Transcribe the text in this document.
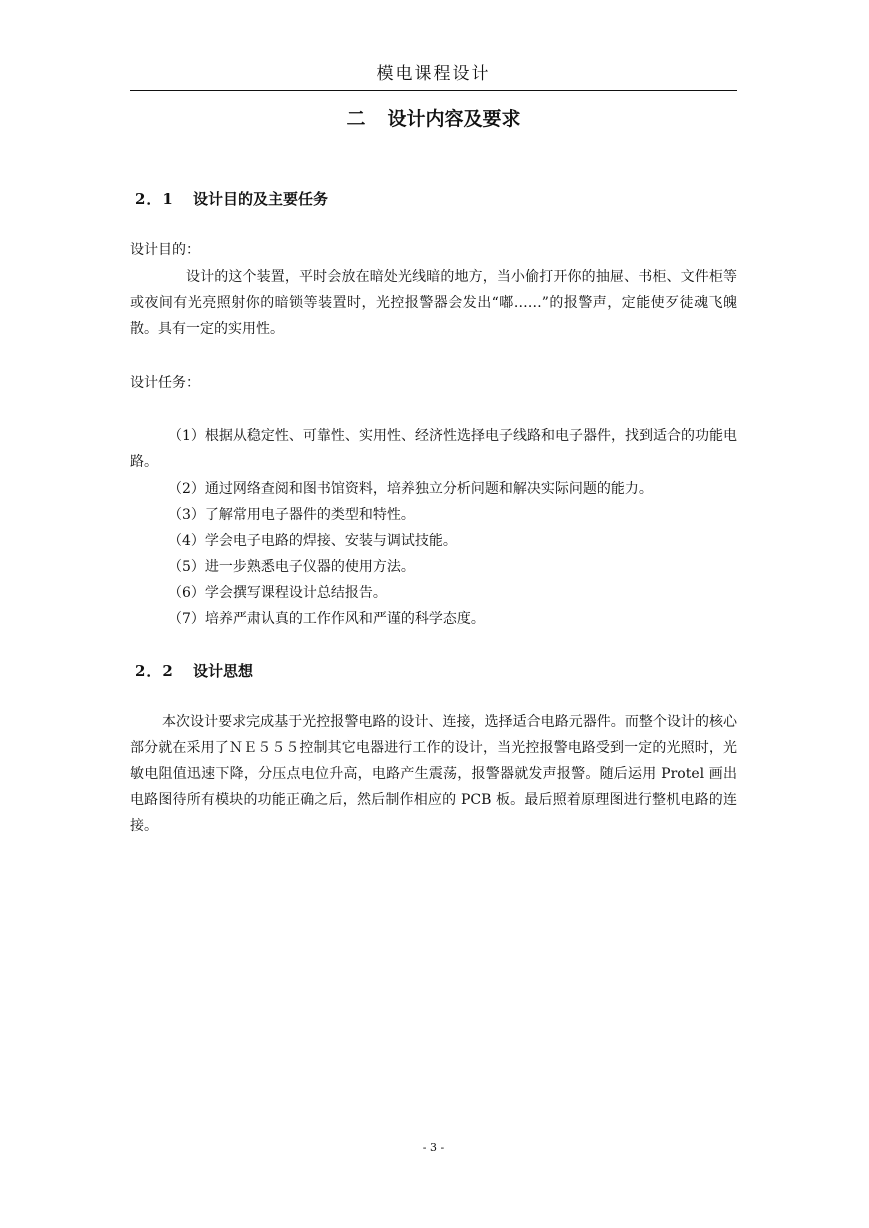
模电课程设计
二 设计内容及要求
2．1 设计目的及主要任务
设计目的：
设计的这个装置，平时会放在暗处光线暗的地方，当小偷打开你的抽屉、书柜、文件柜等或夜间有光亮照射你的暗锁等装置时，光控报警器会发出“嘟……”的报警声，定能使歹徒魂飞魄散。具有一定的实用性。
设计任务：
（1）根据从稳定性、可靠性、实用性、经济性选择电子线路和电子器件，找到适合的功能电路。
（2）通过网络查阅和图书馆资料，培养独立分析问题和解决实际问题的能力。
（3）了解常用电子器件的类型和特性。
（4）学会电子电路的焊接、安装与调试技能。
（5）进一步熟悉电子仪器的使用方法。
（6）学会撰写课程设计总结报告。
（7）培养严肃认真的工作作风和严谨的科学态度。
2．2 设计思想
本次设计要求完成基于光控报警电路的设计、连接，选择适合电路元器件。而整个设计的核心部分就在采用了ＮＥ５５５控制其它电器进行工作的设计，当光控报警电路受到一定的光照时，光敏电阻值迅速下降，分压点电位升高，电路产生震荡，报警器就发声报警。随后运用 Protel 画出电路图待所有模块的功能正确之后，然后制作相应的 PCB 板。最后照着原理图进行整机电路的连接。
- 3 -
